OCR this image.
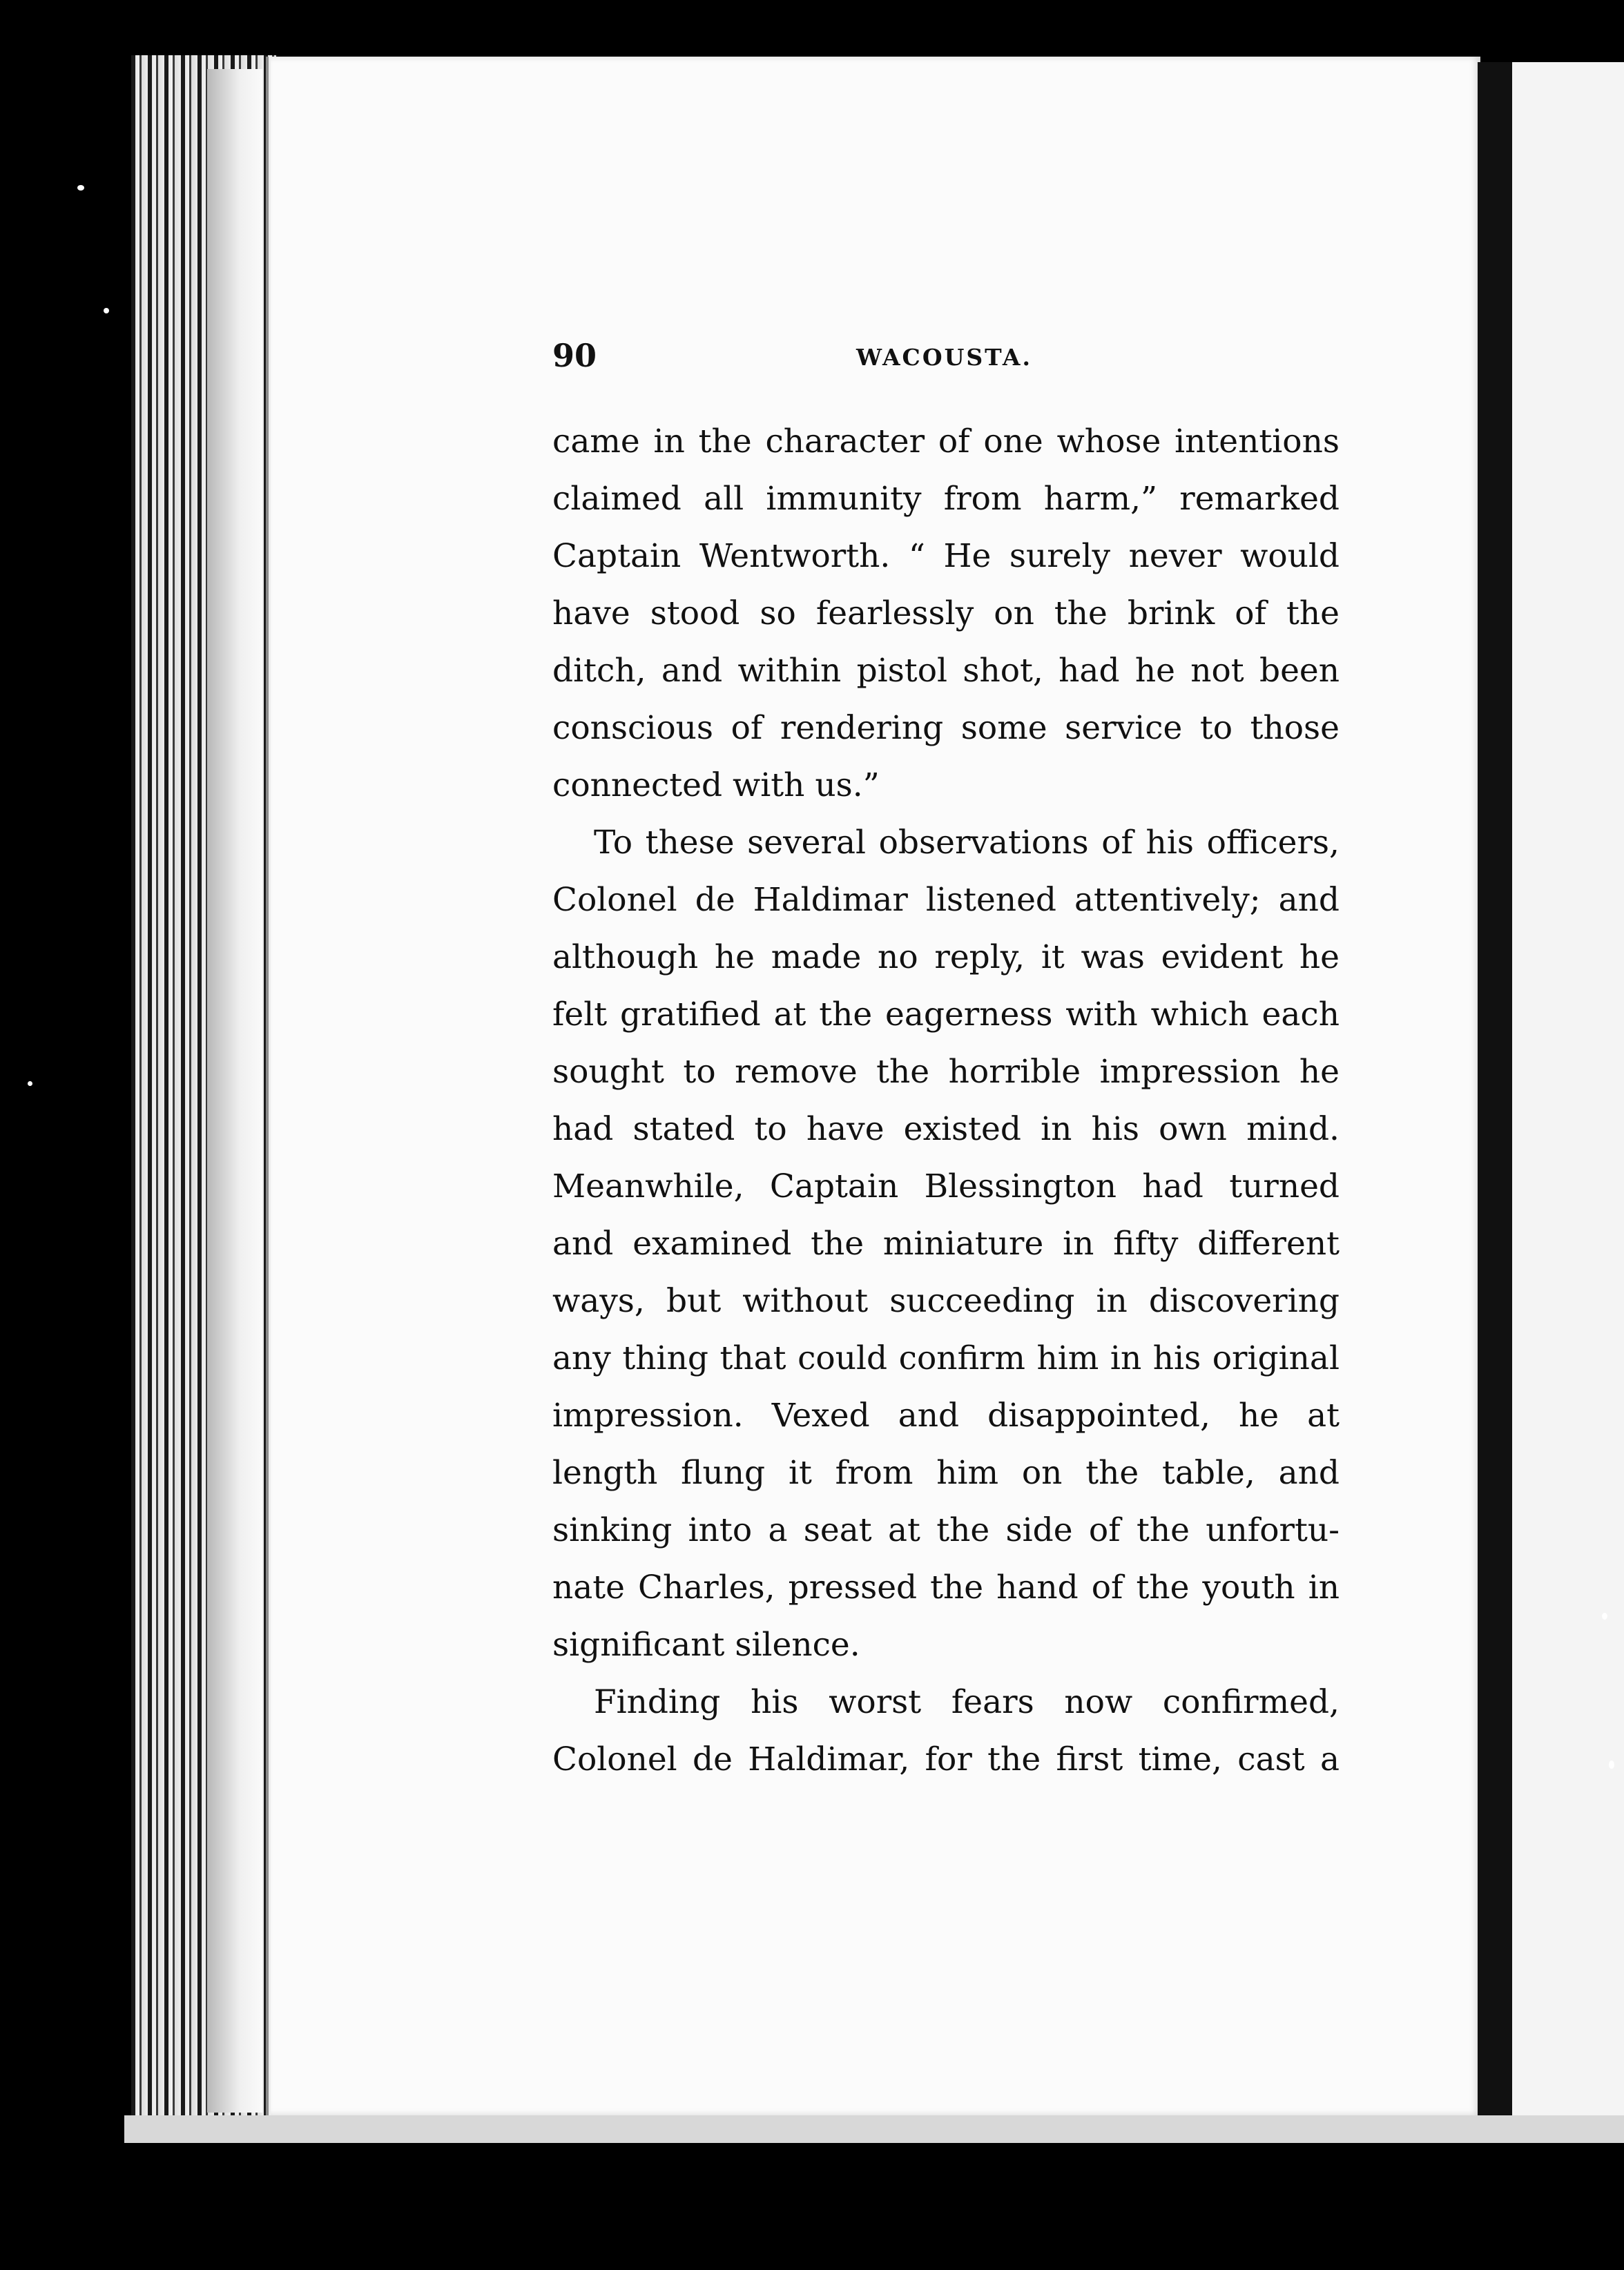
90	WACOUSTA.
came in the character of one whose intentions
claimed all immunity from harm,” remarked
Captain Wentworth. “ He surely never would
have stood so fearlessly on the brink of the
ditch, and within pistol shot, had he not been
conscious of rendering some service to those
connected with us.”
To these several observations of his officers,
Colonel de Haldimar listened attentively; and
although he made no reply, it was evident he
felt gratified at the eagerness with which each
sought to remove the horrible impression he
had stated to have existed in his own mind.
Meanwhile, Captain Blessington had turned
and examined the miniature in fifty different
ways, but without succeeding in discovering
any thing that could confirm him in his original
impression. Vexed and disappointed, he at
length flung it from him on the table, and
sinking into a seat at the side of the unfortu-
nate Charles, pressed the hand of the youth in
significant silence.
Finding his worst fears now confirmed,
Colonel de Haldimar, for the first time, cast a
